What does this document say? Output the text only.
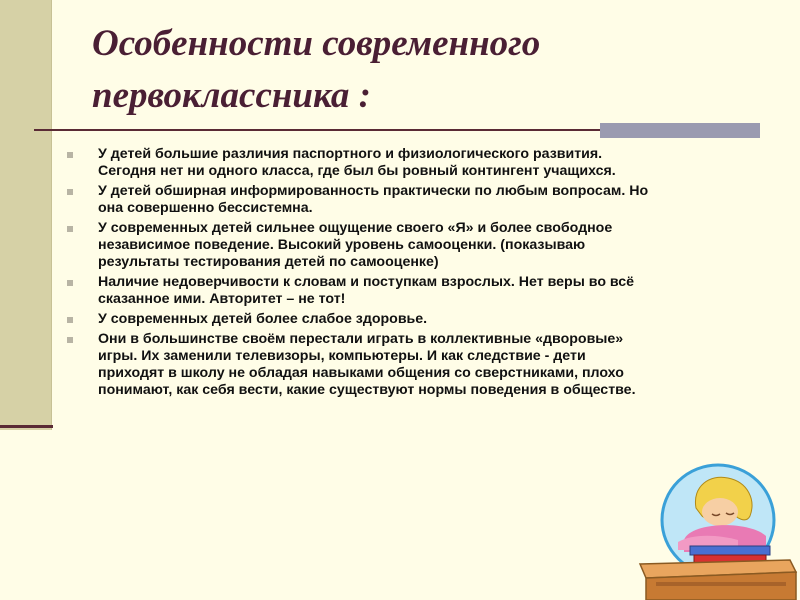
Особенности современного
первоклассника :
У детей большие различия паспортного и физиологического развития.
Сегодня нет ни одного класса, где был бы ровный контингент учащихся.
У детей обширная информированность практически по любым вопросам. Но
она совершенно бессистемна.
У современных детей сильнее ощущение своего «Я» и более свободное
независимое поведение. Высокий уровень самооценки. (показываю
результаты тестирования детей по самооценке)
Наличие недоверчивости к словам и поступкам взрослых. Нет веры во всё
сказанное ими. Авторитет – не тот!
У современных детей более слабое здоровье.
Они в большинстве своём перестали играть в коллективные «дворовые»
игры. Их заменили телевизоры, компьютеры. И как следствие - дети
приходят в школу не обладая навыками общения со сверстниками, плохо
понимают, как себя вести, какие существуют нормы поведения в обществе.
